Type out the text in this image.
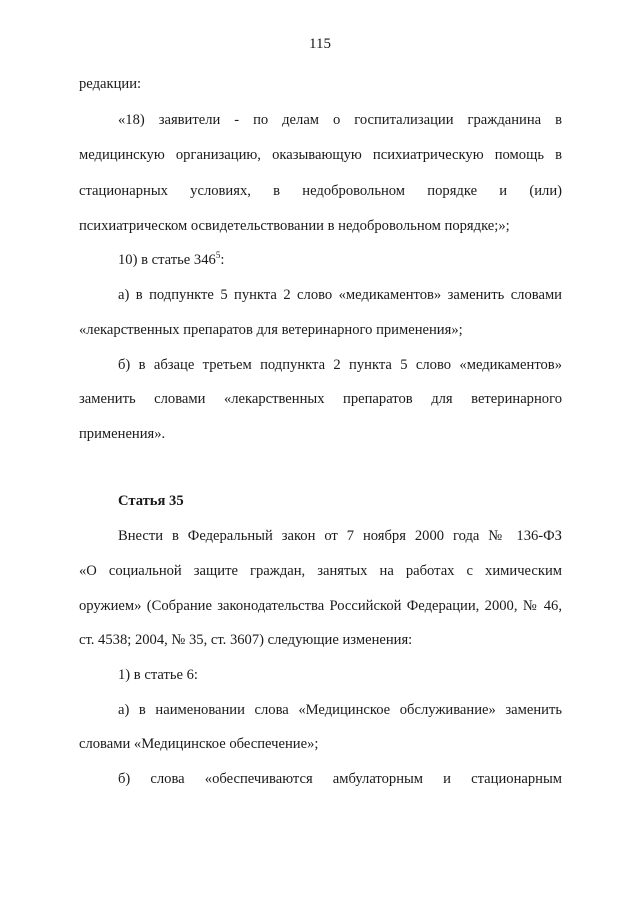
115
редакции:
«18) заявители - по делам о госпитализации гражданина в
медицинскую организацию, оказывающую психиатрическую помощь в
стационарных условиях, в недобровольном порядке и (или)
психиатрическом освидетельствовании в недобровольном порядке;»;
10) в статье $346^5$:
а) в подпункте 5 пункта 2 слово «медикаментов» заменить словами
«лекарственных препаратов для ветеринарного применения»;
б) в абзаце третьем подпункта 2 пункта 5 слово «медикаментов»
заменить словами «лекарственных препаратов для ветеринарного
применения».
Статья 35
Внести в Федеральный закон от 7 ноября 2000 года № 136-ФЗ
«О социальной защите граждан, занятых на работах с химическим
оружием» (Собрание законодательства Российской Федерации, 2000, № 46,
ст. 4538; 2004, № 35, ст. 3607) следующие изменения:
1) в статье 6:
а) в наименовании слова «Медицинское обслуживание» заменить
словами «Медицинское обеспечение»;
б) слова «обеспечиваются амбулаторным и стационарным
